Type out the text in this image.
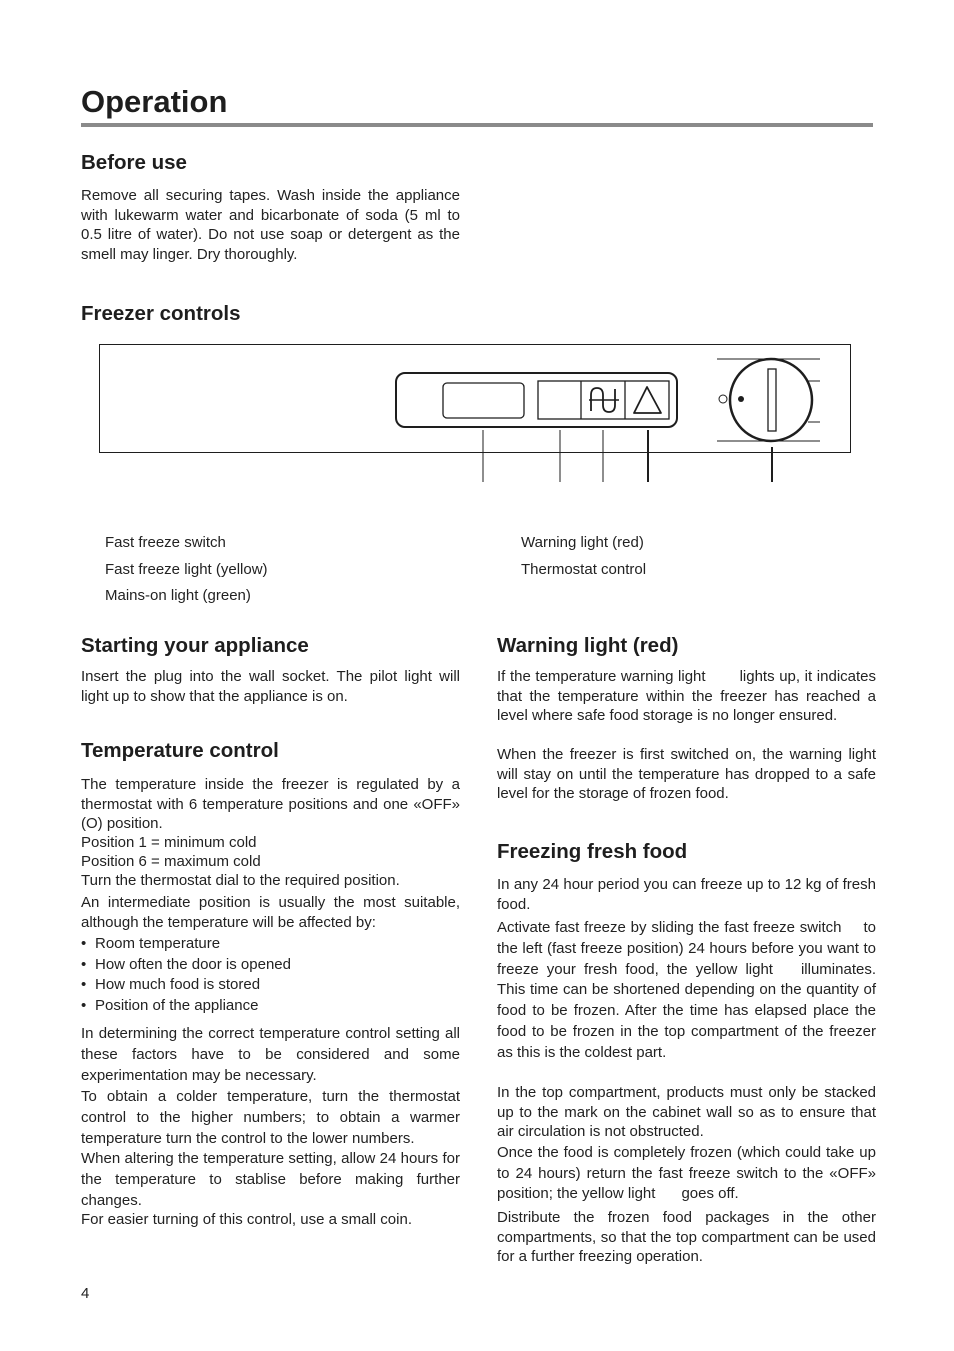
Operation
Before use

Remove all securing tapes. Wash inside the appliance with lukewarm water and bicarbonate of soda (5 ml to 0.5 litre of water). Do not use soap or detergent as the smell may linger. Dry thoroughly.

Freezer controls
Fast freeze switch
Fast freeze light (yellow)
Mains-on light (green)
Warning light (red)
Thermostat control
Starting your appliance

Insert the plug into the wall socket. The pilot light will light up to show that the appliance is on.

Temperature control

The temperature inside the freezer is regulated by a thermostat with 6 temperature positions and one «OFF» (O) position.

Position 1 = minimum cold
Position 6 = maximum cold
Turn the thermostat dial to the required position.

An intermediate position is usually the most suitable, although the temperature will be affected by:

• Room temperature
• How often the door is opened
• How much food is stored
• Position of the appliance

In determining the correct temperature control setting all these factors have to be considered and some experimentation may be necessary.

To obtain a colder temperature, turn the thermostat control to the higher numbers; to obtain a warmer temperature turn the control to the lower numbers.

When altering the temperature setting, allow 24 hours for the temperature to stablise before making further changes.

For easier turning of this control, use a small coin.
Warning light (red)

If the temperature warning light lights up, it indicates that the temperature within the freezer has reached a level where safe food storage is no longer ensured.

When the freezer is first switched on, the warning light will stay on until the temperature has dropped to a safe level for the storage of frozen food.

Freezing fresh food

In any 24 hour period you can freeze up to 12 kg of fresh food.

Activate fast freeze by sliding the fast freeze switch to the left (fast freeze position) 24 hours before you want to freeze your fresh food, the yellow light illuminates. This time can be shortened depending on the quantity of food to be frozen. After the time has elapsed place the food to be frozen in the top compartment of the freezer as this is the coldest part.

In the top compartment, products must only be stacked up to the mark on the cabinet wall so as to ensure that air circulation is not obstructed.

Once the food is completely frozen (which could take up to 24 hours) return the fast freeze switch to the «OFF» position; the yellow light goes off.

Distribute the frozen food packages in the other compartments, so that the top compartment can be used for a further freezing operation.

4
